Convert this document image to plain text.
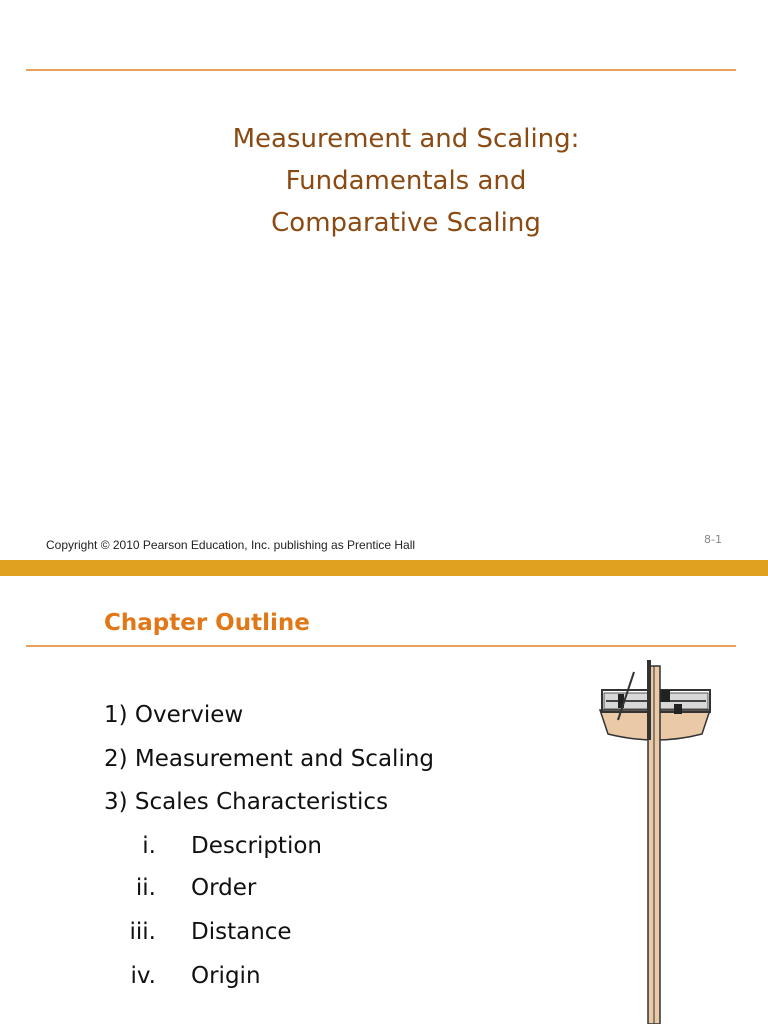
Measurement and Scaling:
Fundamentals and
Comparative Scaling
Copyright © 2010 Pearson Education, Inc. publishing as Prentice Hall	8-1
Chapter Outline
1) Overview
2) Measurement and Scaling
3) Scales Characteristics
i. Description
ii. Order
iii. Distance
iv. Origin
